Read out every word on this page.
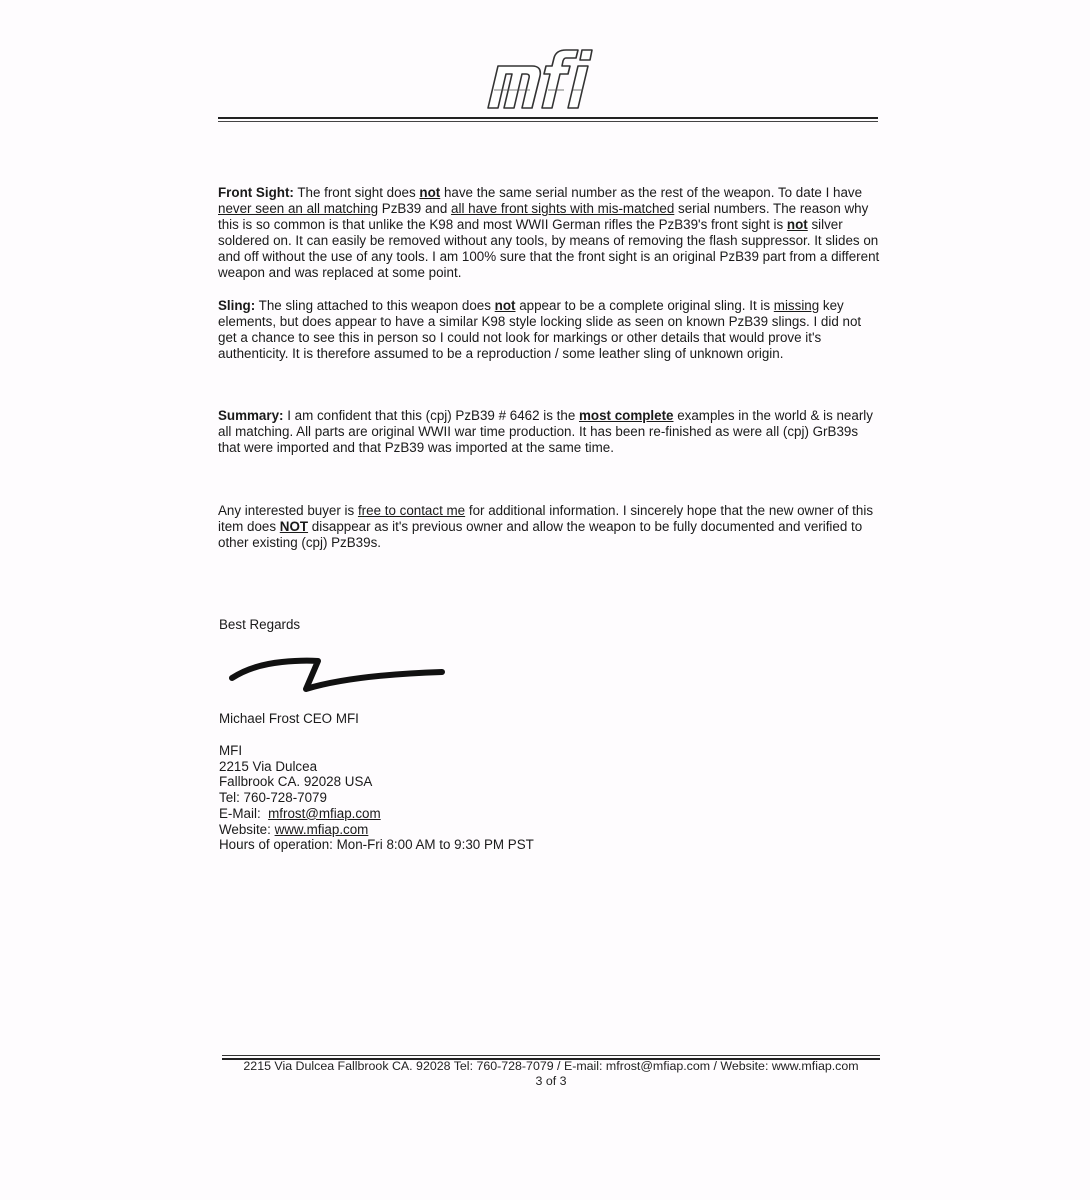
Front Sight: The front sight does not have the same serial number as the rest of the weapon. To date I have never seen an all matching PzB39 and all have front sights with mis-matched serial numbers. The reason why this is so common is that unlike the K98 and most WWII German rifles the PzB39's front sight is not silver soldered on. It can easily be removed without any tools, by means of removing the flash suppressor. It slides on and off without the use of any tools. I am 100% sure that the front sight is an original PzB39 part from a different weapon and was replaced at some point.

Sling: The sling attached to this weapon does not appear to be a complete original sling. It is missing key elements, but does appear to have a similar K98 style locking slide as seen on known PzB39 slings. I did not get a chance to see this in person so I could not look for markings or other details that would prove it's authenticity. It is therefore assumed to be a reproduction / some leather sling of unknown origin.

Summary: I am confident that this (cpj) PzB39 # 6462 is the most complete examples in the world & is nearly all matching. All parts are original WWII war time production. It has been re-finished as were all (cpj) GrB39s that were imported and that PzB39 was imported at the same time.

Any interested buyer is free to contact me for additional information. I sincerely hope that the new owner of this item does NOT disappear as it's previous owner and allow the weapon to be fully documented and verified to other existing (cpj) PzB39s.

Best Regards
Michael Frost CEO MFI
MFI
2215 Via Dulcea
Fallbrook CA. 92028 USA
Tel: 760-728-7079
E-Mail:  mfrost@mfiap.com
Website: www.mfiap.com
Hours of operation: Mon-Fri 8:00 AM to 9:30 PM PST
2215 Via Dulcea Fallbrook CA. 92028 Tel: 760-728-7079 / E-mail: mfrost@mfiap.com / Website: www.mfiap.com
3 of 3
